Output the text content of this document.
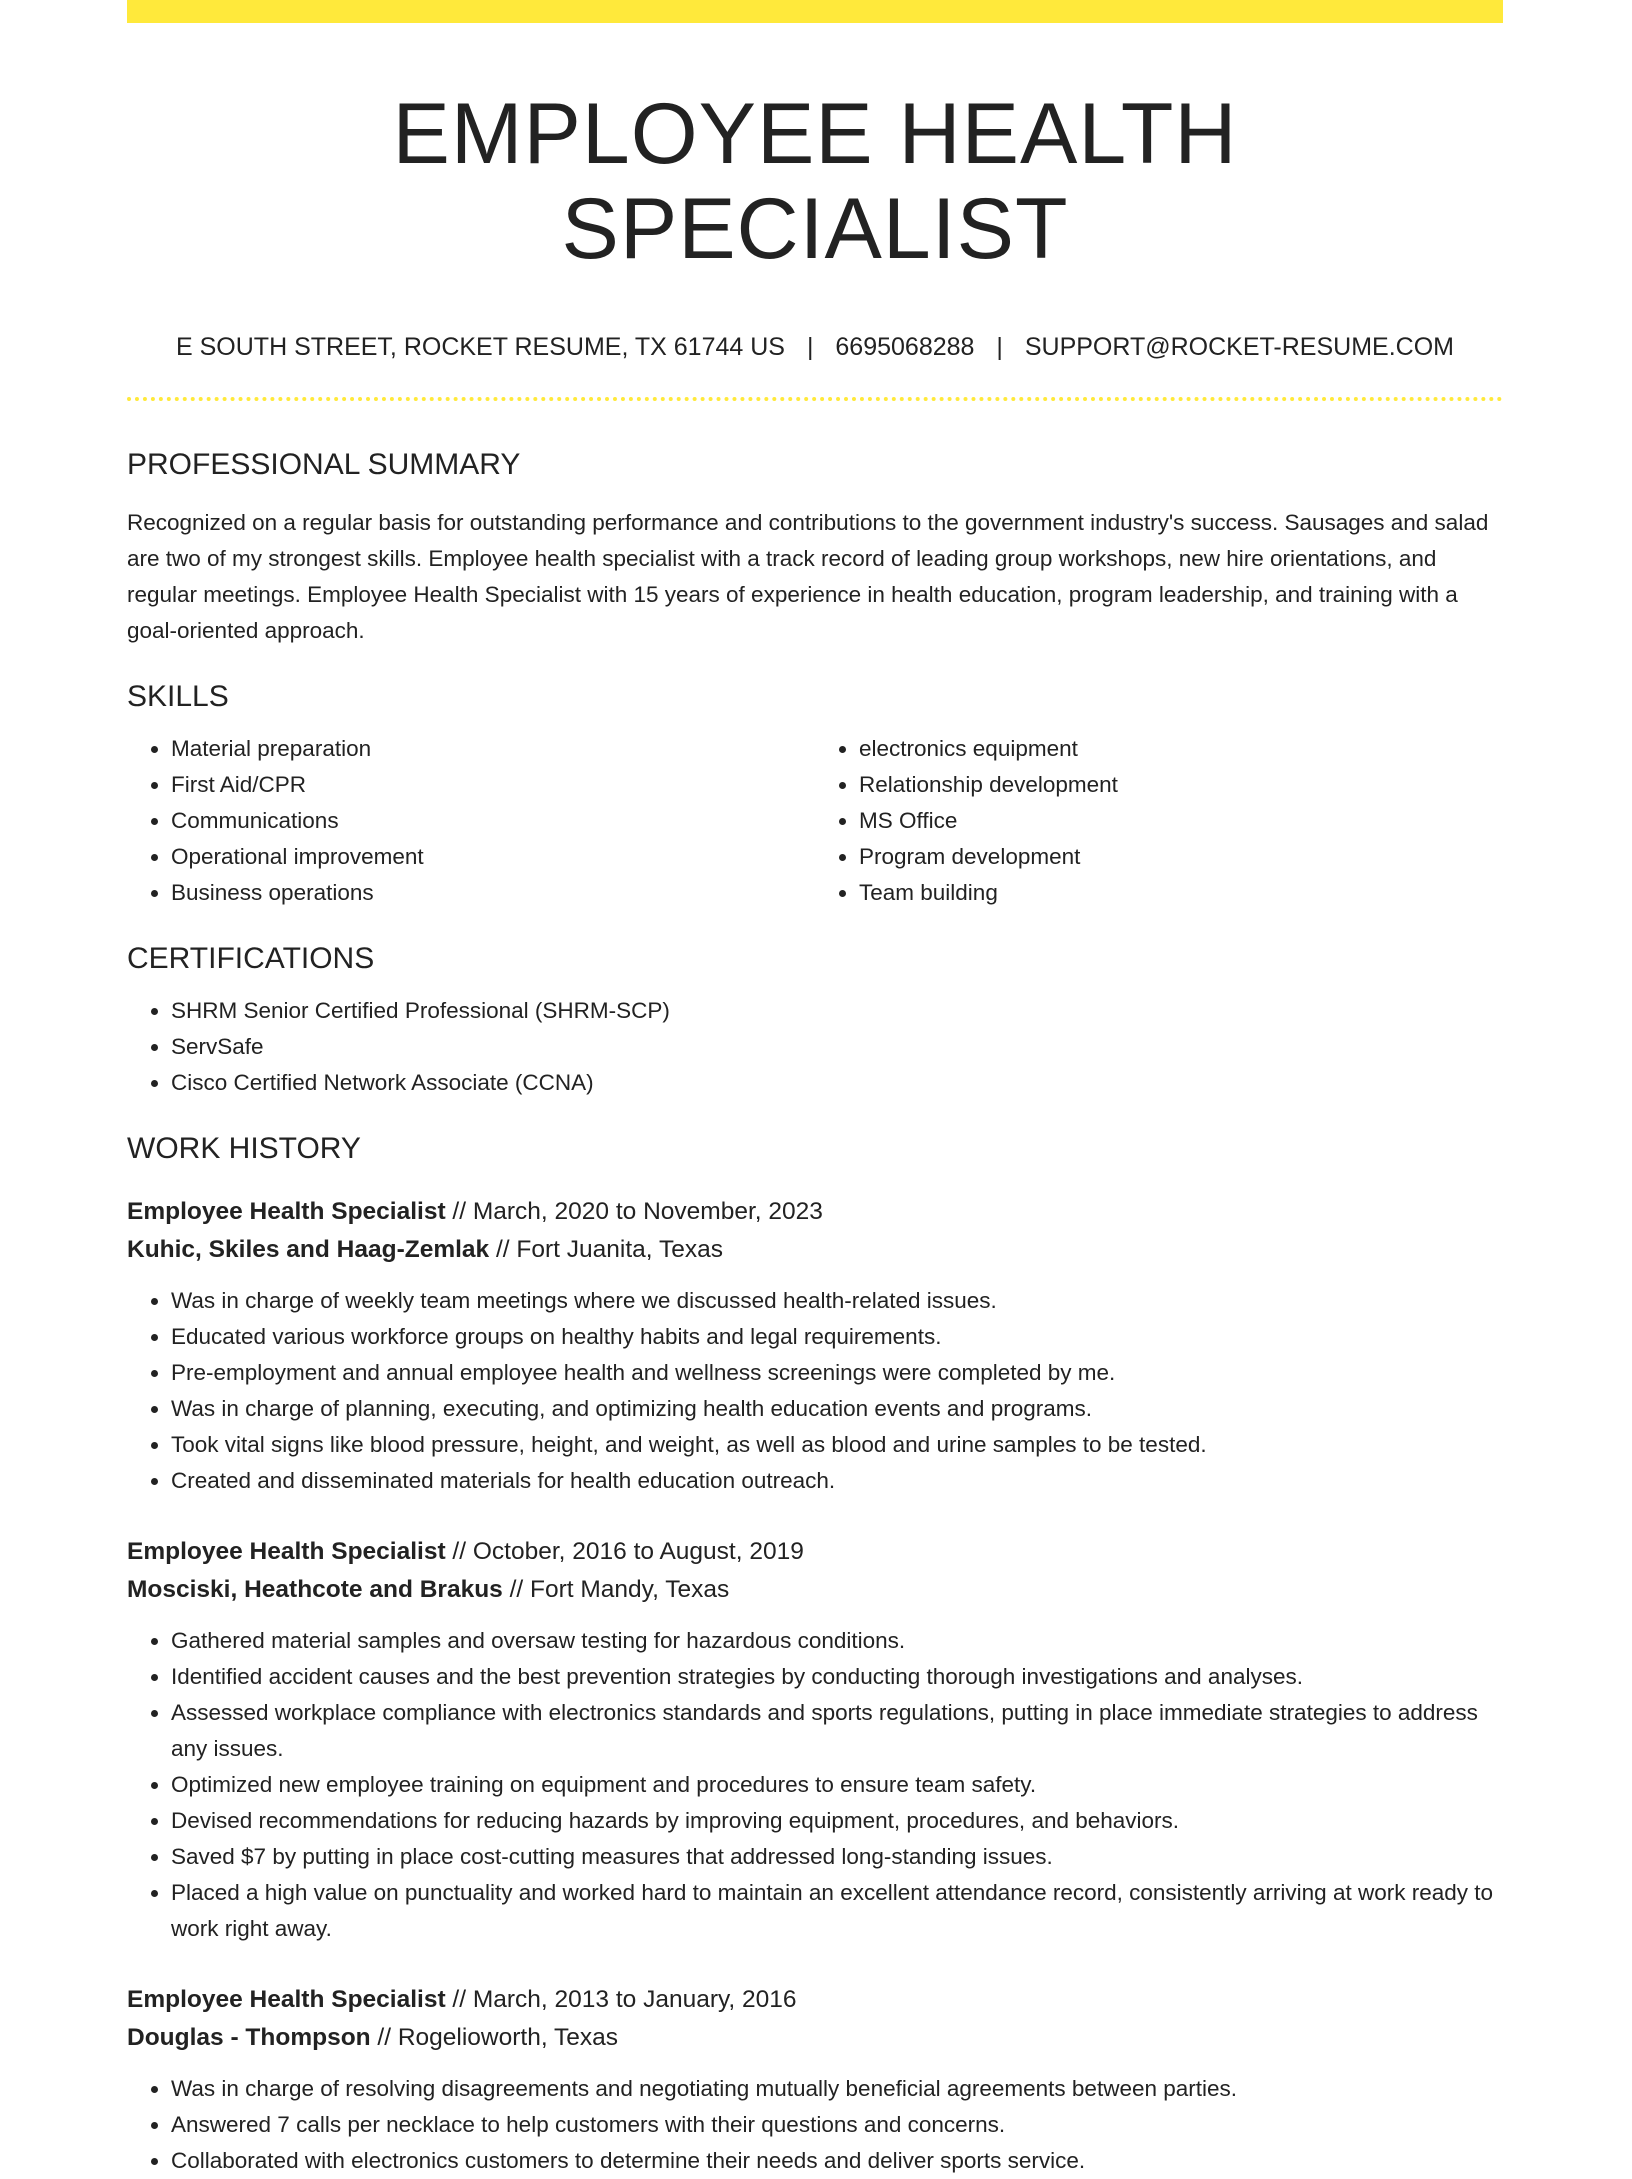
EMPLOYEE HEALTH SPECIALIST
E SOUTH STREET, ROCKET RESUME, TX 61744 US | 6695068288 | SUPPORT@ROCKET-RESUME.COM
PROFESSIONAL SUMMARY

Recognized on a regular basis for outstanding performance and contributions to the government industry's success. Sausages and salad are two of my strongest skills. Employee health specialist with a track record of leading group workshops, new hire orientations, and regular meetings. Employee Health Specialist with 15 years of experience in health education, program leadership, and training with a goal-oriented approach.

SKILLS
• Material preparation
• First Aid/CPR
• Communications
• Operational improvement
• Business operations
• electronics equipment
• Relationship development
• MS Office
• Program development
• Team building
CERTIFICATIONS
• SHRM Senior Certified Professional (SHRM-SCP)
• ServSafe
• Cisco Certified Network Associate (CCNA)
WORK HISTORY
Employee Health Specialist // March, 2020 to November, 2023
Kuhic, Skiles and Haag-Zemlak // Fort Juanita, Texas
• Was in charge of weekly team meetings where we discussed health-related issues.
• Educated various workforce groups on healthy habits and legal requirements.
• Pre-employment and annual employee health and wellness screenings were completed by me.
• Was in charge of planning, executing, and optimizing health education events and programs.
• Took vital signs like blood pressure, height, and weight, as well as blood and urine samples to be tested.
• Created and disseminated materials for health education outreach.
Employee Health Specialist // October, 2016 to August, 2019
Mosciski, Heathcote and Brakus // Fort Mandy, Texas
• Gathered material samples and oversaw testing for hazardous conditions.
• Identified accident causes and the best prevention strategies by conducting thorough investigations and analyses.
• Assessed workplace compliance with electronics standards and sports regulations, putting in place immediate strategies to address any issues.
• Optimized new employee training on equipment and procedures to ensure team safety.
• Devised recommendations for reducing hazards by improving equipment, procedures, and behaviors.
• Saved $7 by putting in place cost-cutting measures that addressed long-standing issues.
• Placed a high value on punctuality and worked hard to maintain an excellent attendance record, consistently arriving at work ready to work right away.
Employee Health Specialist // March, 2013 to January, 2016
Douglas - Thompson // Rogelioworth, Texas
• Was in charge of resolving disagreements and negotiating mutually beneficial agreements between parties.
• Answered 7 calls per necklace to help customers with their questions and concerns.
• Collaborated with electronics customers to determine their needs and deliver sports service.
